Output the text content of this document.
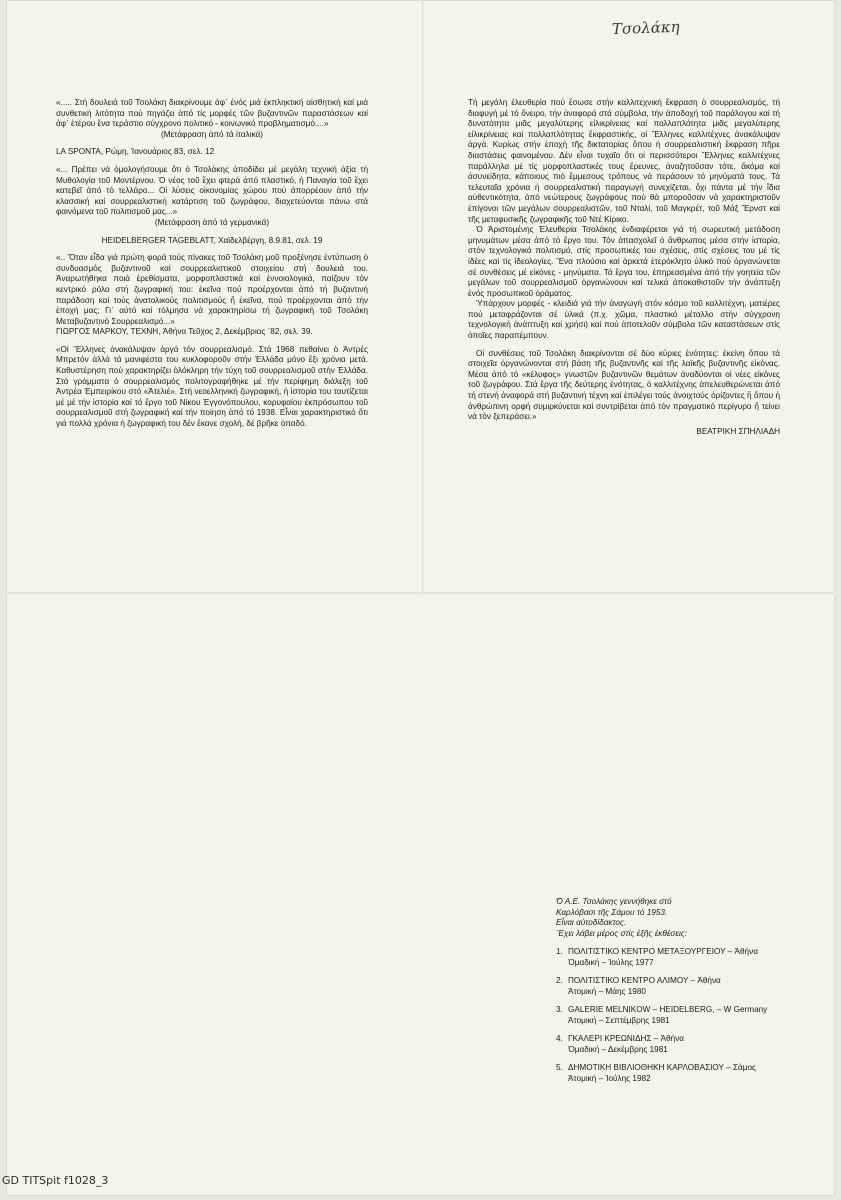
Τσολάκη

«..... Στή δουλειά τοῦ Τσολάκη διακρίνουμε ἀφ᾽ ἑνός μιά ἐκπληκτική αἰσθητική καί μιά συνθετική λιτότητα πού πηγάζει ἀπό τίς μορφές τῶν βυζαντινῶν παραστάσεων καί ἀφ᾽ ἑτέρου ἕνα τεράστιο σύγχρονο πολιτικό - κοινωνικό προβληματισμό....»

(Μετάφραση ἀπό τά ἰταλικά)

LA SPONTA, Ρώμη, Ἰανουάριος 83, σελ. 12

«... Πρέπει νά ὁμολογήσουμε ὅτι ὁ Τσολάκης ἀποδίδει μέ μεγάλη τεχνική ἀξία τή Μυθολογία τοῦ Μοντέρνου. Ὁ νέος τοῦ ἔχει φτερά ἀπό πλαστικό, ἡ Παναγία τοῦ ἔχει κατεβεῖ ἀπό τό τελλάρο... Οἱ λύσεις οἰκονομίας χώρου πού ἀπορρέουν ἀπό τήν κλασσική καί σουρρεαλιστική κατάρτιση τοῦ ζωγράφου, διαχετεύονται πάνω στά φαινόμενα τοῦ πολιτισμοῦ μας...»

(Μετάφραση ἀπό τά γερμανικά)

HEIDELBERGER TAGEBLATT, Χαϊδελβέργη, 8.9.81, σελ. 19

«.. Ὅταν εἶδα γιά πρώτη φορά τούς πίνακες τοῦ Τσολάκη μοῦ προξένησε ἐντύπωση ὁ συνδυασμός βυζαντινοῦ καί σουρρεαλιστικοῦ στοιχείου στή δουλειά του. Ἀναρωτήθηκα ποιά ἐρεθίσματα, μορφοπλαστικά καί ἐννοιολογικά, παίζουν τόν κεντρικό ρόλο στή ζωγραφική του: ἐκεῖνα πού προέρχονται ἀπό τή βυζαντινή παράδοση καί τούς ἀνατολικούς πολιτισμούς ἤ ἐκεῖνα, πού προέρχονται ἀπό τήν ἐποχή μας; Γι᾽ αὐτό καί τόλμησα νά χαρακτηρίσω τή ζωγραφική τοῦ Τσολάκη Μεταβυζαντινό Σουρρεαλισμό...»

ΓΙΩΡΓΟΣ ΜΑΡΚΟΥ, ΤΕΧΝΗ, Ἀθήνα Τεῦχος 2, Δεκέμβριος ᾽82, σελ. 39.

«Οἱ Ἕλληνες ἀνακάλυψαν ἀργά τόν σουρρεαλισμό. Στά 1968 πεθαίνει ὁ Ἀντρές Μπρετόν ἀλλά τά μανιφέστα του κυκλοφοροῦν στήν Ἑλλάδα μόνο ἔξι χρόνια μετά. Καθυστέρηση πού χαρακτηρίζει ὁλόκληρη τήν τύχη τοῦ σουρρεαλισμοῦ στήν Ἑλλάδα. Στά γράμματα ὁ σουρρεαλισμός πολιτογραφήθηκε μέ τήν περίφημη διάλεξη τοῦ Ἀντρέα Ἐμπειρίκου στό «Ἀτελιέ». Στή νεοελληνική ζωγραφική, ἡ ἱστορία του ταυτίζεται μέ μέ τήν ἱστορία καί τό ἔργο τοῦ Νίκου Ἐγγονόπουλου, κορυφαίου ἐκπρόσωπου τοῦ σουρρεαλισμοῦ στή ζωγραφική καί τήν ποίηση ἀπό τό 1938. Εἶναι χαρακτηριστικό ὅτι γιά πολλά χρόνια ἡ ζωγραφική του δέν ἔκανε σχολή, δέ βρῆκε ὀπαδό.

Τή μεγάλη ἐλευθερία πού ἔσωσε στήν καλλιτεχνική ἔκφραση ὁ σουρρεαλισμός, τή διαφυγή μέ τό ὄνειρο, τήν ἀναφορά στά σύμβολα, τήν ἀποδοχή τοῦ παράλογου καί τή δυνατότητα μιᾶς μεγαλύτερης εἰλικρίνειας καί πολλαπλότητα μιᾶς μεγαλύτερης εἰλικρίνειας καί πολλαπλότητας ἔκφραστικής, οἱ Ἕλληνες καλλιτέχνες ἀνακάλυψαν ἀργά. Κυρίως στήν ἐποχή τῆς δικτατορίας ὅπου ἡ σουρρεαλιστική ἔκφραση πῆρε διαστάσεις φαινομένου. Δέν εἶναι τυχαῖο ὅτι οἱ περισσότεροι Ἕλληνες καλλιτέχνες παράλληλα μέ τίς μορφοπλαστικές τους ἔρευνες, ἀναζητοῦσαν τότε, ἄκόμα καί ἀσυνείδητα, κάποιους πιό ἔμμεσους τρόπους νά περάσουν τό μηνύματά τους. Τά τελευταῖα χρόνια ἡ σουρρεαλιστική παραγωγή συνεχίζεται, ὄχι πάντα μέ τήν ἴδια αὐθεντικότητα, ἀπό νεώτερους ζωγράφους πού θά μποροῦσαν νά χαρακτηριστοῦν ἐπίγονοι τῶν μεγάλων σουρρεαλιστῶν, τοῦ Νταλί, τοῦ Μαγκρέτ, τοῦ Μάξ Ἔρνστ καί τῆς μεταφυσικῆς ζωγραφικῆς τοῦ Ντέ Κίρικο.

Ὁ Ἀριστομένης Ἐλευθερία Τσολάκης ἐνδιαφέρεται γιά τή σωρευτική μετάδοση μηνυμάτων μέσα ἀπό τό ἔργο του. Τόν ἀπασχολεῖ ὁ ἄνθρωπος μέσα στήν ἱστορία, στόν τεχνολογικό πολιτισμό, στίς προσωπικές του σχέσεις, στίς σχέσεις του μέ τίς ἰδέες καί τίς ἰδεολογίες. Ἕνα πλούσιο καί ἀρκετά ἑτερόκλητο ὑλικό πού ὀργανώνεται σέ συνθέσεις μέ εἰκόνες - μηνύματα. Τά ἔργα του, ἐπηρεασμένα ἀπό τήν γοητεία τῶν μεγάλων τοῦ σουρρεαλισμοῦ ὀργανώνουν καί τελικά ἀποκαθιστοῦν τήν ἀνάπτυξη ἑνός προσωπικοῦ ὁράματος.

Ὑπάρχουν μορφές - κλειδιά γιά τήν ἀναγωγή στόν κόσμο τοῦ καλλιτέχνη, ματιέρες πού μεταφράζονται σέ ὑλικά (π.χ. χῶμα, πλαστικό μέταλλο στήν σύγχρονη τεχνολογική ἀνάπτυξη καί χρήσι) καί πού ἀποτελοῦν σύμβολα τῶν καταστάσεων στίς ὁποῖες παραπέμπουν.

Οἱ συνθέσεις τοῦ Τσολάκη διακρίνονται σέ δύο κύριες ἑνότητες: ἐκείνη ὅπου τά στοιχεῖα ὀργανώνονται στή βάση τῆς βυζαντινῆς καί τῆς λαϊκῆς βυζαντινῆς εἰκόνας. Μέσα ἀπό τό «κέλυφος» γνωστῶν βυζαντινῶν θεμάτων ἀναδύονται οἱ νέες εἰκόνες τοῦ ζωγράφου. Στά ἔργα τῆς δεύτερης ἑνότητας, ὁ καλλιτέχνης ἀπελευθερώνεται ἀπό τή στενή ἀναφορά στή βυζαντινή τέχνη καί ἐπιλέγει τούς ἀνοιχτούς ὁρίζοντες ἤ ὅπου ἡ ἀνθρώπινη ορφή συμιρκύνεται καί συντρίβεται ἀπό τόν πραγματικό περίγυρο ἤ τείνει νά τόν ξεπεράσει.»

ΒΕΑΤΡΙΚΗ ΣΠΗΛΙΑΔΗ
Ὁ Α.Ε. Τσολάκης γεννήθηκε στό
Καρλόβασι τῆς Σάμου τό 1953.
Εἶναι αὐτοδίδακτος.
Ἔχει λάβει μέρος στίς ἑξῆς ἐκθέσεις:
1. ΠΟΛΙΤΙΣΤΙΚΟ ΚΕΝΤΡΟ ΜΕΤΑΞΟΥΡΓΕΙΟΥ – Ἀθήνα
Ὁμαδική – Ἰούλης 1977
2. ΠΟΛΙΤΙΣΤΙΚΟ ΚΕΝΤΡΟ ΑΛΙΜΟΥ – Ἀθήνα
Ἀτομική – Μάης 1980
3. GALERIE MELNIKOW – HEIDELBERG, – W Germany
Ἀτομική – Σεπτέμβρης 1981
4. ΓΚΑΛΕΡΙ ΚΡΕΩΝΙΔΗΣ – Ἀθήνα
Ὁμαδική – Δεκέμβρης 1981
5. ΔΗΜΟΤΙΚΗ ΒΙΒΛΙΟΘΗΚΗ ΚΑΡΛΟΒΑΣΙΟΥ – Σάμος
Ἀτομική – Ἰούλης 1982
GD TITSpit f1028_3
